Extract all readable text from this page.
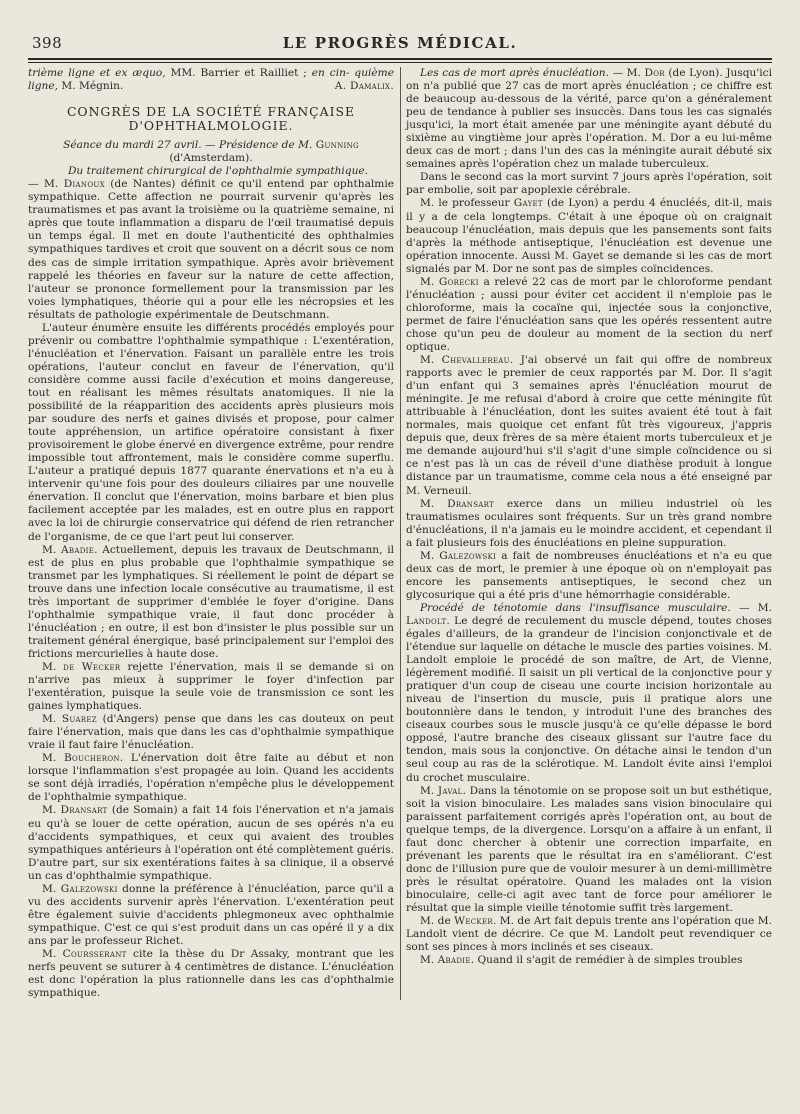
398	LE PROGRÈS MÉDICAL.

trième ligne et ex æquo, MM. Barrier et Railliet ; en cin- quième ligne, M. Mégnin.	A. Damalix.

CONGRÈS DE LA SOCIÉTÉ FRANÇAISE
D'OPHTHALMOLOGIE.

Séance du mardi 27 avril. — Présidence de M. Gunning (d'Amsterdam).

Du traitement chirurgical de l'ophthalmie sympathique.

— M. Dianoux (de Nantes) définit ce qu'il entend par ophthalmie sympathique. Cette affection ne pourrait survenir qu'après les traumatismes et pas avant la troisième ou la quatrième semaine, ni après que toute inflammation a disparu de l'œil traumatisé depuis un temps égal. Il met en doute l'authenticité des ophthalmies sympathiques tardives et croit que souvent on a décrit sous ce nom des cas de simple irritation sympathique. Après avoir brièvement rappelé les théories en faveur sur la nature de cette affection, l'auteur se prononce formellement pour la transmission par les voies lymphatiques, théorie qui a pour elle les nécropsies et les résultats de pathologie expérimentale de Deutschmann.

L'auteur énumère ensuite les différents procédés employés pour prévenir ou combattre l'ophthalmie sympathique : L'exentération, l'énucléation et l'énervation. Faisant un parallèle entre les trois opérations, l'auteur conclut en faveur de l'énervation, qu'il considère comme aussi facile d'exécution et moins dangereuse, tout en réalisant les mêmes résultats anatomiques. Il nie la possibilité de la réapparition des accidents après plusieurs mois par soudure des nerfs et gaines divisés et propose, pour calmer toute appréhension, un artifice opératoire consistant à fixer provisoirement le globe énervé en divergence extrême, pour rendre impossible tout affrontement, mais le considère comme superflu. L'auteur a pratiqué depuis 1877 quarante énervations et n'a eu à intervenir qu'une fois pour des douleurs ciliaires par une nouvelle énervation. Il conclut que l'énervation, moins barbare et bien plus facilement acceptée par les malades, est en outre plus en rapport avec la loi de chirurgie conservatrice qui défend de rien retrancher de l'organisme, de ce que l'art peut lui conserver.

M. Abadie. Actuellement, depuis les travaux de Deutschmann, il est de plus en plus probable que l'ophthalmie sympathique se transmet par les lymphatiques. Si réellement le point de départ se trouve dans une infection locale consécutive au traumatisme, il est très important de supprimer d'emblée le foyer d'origine. Dans l'ophthalmie sympathique vraie, il faut donc procéder à l'énucléation ; en outre, il est bon d'insister le plus possible sur un traitement général énergique, basé principalement sur l'emploi des frictions mercurielles à haute dose.

M. de Wecker rejette l'énervation, mais il se demande si on n'arrive pas mieux à supprimer le foyer d'infection par l'exentération, puisque la seule voie de transmission ce sont les gaines lymphatiques.

M. Suarez (d'Angers) pense que dans les cas douteux on peut faire l'énervation, mais que dans les cas d'ophthalmie sympathique vraie il faut faire l'énucléation.

M. Boucheron. L'énervation doit être faite au début et non lorsque l'inflammation s'est propagée au loin. Quand les accidents se sont déjà irradiés, l'opération n'empêche plus le développement de l'ophthalmie sympathique.

M. Dransart (de Somain) a fait 14 fois l'énervation et n'a jamais eu qu'à se louer de cette opération, aucun de ses opérés n'a eu d'accidents sympathiques, et ceux qui avaient des troubles sympathiques antérieurs à l'opération ont été complètement guéris. D'autre part, sur six exentérations faites à sa clinique, il a observé un cas d'ophthalmie sympathique.

M. Galezowski donne la préférence à l'énucléation, parce qu'il a vu des accidents survenir après l'énervation. L'exentération peut être également suivie d'accidents phlegmoneux avec ophthalmie sympathique. C'est ce qui s'est produit dans un cas opéré il y a dix ans par le professeur Richet.

M. Coursserant cite la thèse du Dr Assaky, montrant que les nerfs peuvent se suturer à 4 centimètres de distance. L'énucléation est donc l'opération la plus rationnelle dans les cas d'ophthalmie sympathique.

Les cas de mort après énucléation. — M. Dor (de Lyon). Jusqu'ici on n'a publié que 27 cas de mort après énucléation ; ce chiffre est de beaucoup au-dessous de la vérité, parce qu'on a généralement peu de tendance à publier ses insuccès. Dans tous les cas signalés jusqu'ici, la mort était amenée par une méningite ayant débuté du sixième au vingtième jour après l'opération. M. Dor a eu lui-même deux cas de mort ; dans l'un des cas la méningite aurait débuté six semaines après l'opération chez un malade tuberculeux.

Dans le second cas la mort survint 7 jours après l'opération, soit par embolie, soit par apoplexie cérébrale.

M. le professeur Gayet (de Lyon) a perdu 4 énucléés, dit-il, mais il y a de cela longtemps. C'était à une époque où on craignait beaucoup l'énucléation, mais depuis que les pansements sont faits d'après la méthode antiseptique, l'énucléation est devenue une opération innocente. Aussi M. Gayet se demande si les cas de mort signalés par M. Dor ne sont pas de simples coïncidences.

M. Gorecki a relevé 22 cas de mort par le chloroforme pendant l'énucléation ; aussi pour éviter cet accident il n'emploie pas le chloroforme, mais la cocaïne qui, injectée sous la conjonctive, permet de faire l'énucléation sans que les opérés ressentent autre chose qu'un peu de douleur au moment de la section du nerf optique.

M. Chevallereau. J'ai observé un fait qui offre de nombreux rapports avec le premier de ceux rapportés par M. Dor. Il s'agit d'un enfant qui 3 semaines après l'énucléation mourut de méningite. Je me refusai d'abord à croire que cette méningite fût attribuable à l'énucléation, dont les suites avaient été tout à fait normales, mais quoique cet enfant fût très vigoureux, j'appris depuis que, deux frères de sa mère étaient morts tuberculeux et je me demande aujourd'hui s'il s'agit d'une simple coïncidence ou si ce n'est pas là un cas de réveil d'une diathèse produit à longue distance par un traumatisme, comme cela nous a été enseigné par M. Verneuil.

M. Dransart exerce dans un milieu industriel où les traumatismes oculaires sont fréquents. Sur un très grand nombre d'énucléations, il n'a jamais eu le moindre accident, et cependant il a fait plusieurs fois des énucléations en pleine suppuration.

M. Galezowski a fait de nombreuses énucléations et n'a eu que deux cas de mort, le premier à une époque où on n'employait pas encore les pansements antiseptiques, le second chez un glycosurique qui a été pris d'une hémorrhagie considérable.

Procédé de ténotomie dans l'insuffisance musculaire. — M. Landolt. Le degré de reculement du muscle dépend, toutes choses égales d'ailleurs, de la grandeur de l'incision conjonctivale et de l'étendue sur laquelle on détache le muscle des parties voisines. M. Landolt emploie le procédé de son maître, de Art, de Vienne, légèrement modifié. Il saisit un pli vertical de la conjonctive pour y pratiquer d'un coup de ciseau une courte incision horizontale au niveau de l'insertion du muscle, puis il pratique alors une boutonnière dans le tendon, y introduit l'une des branches des ciseaux courbes sous le muscle jusqu'à ce qu'elle dépasse le bord opposé, l'autre branche des ciseaux glissant sur l'autre face du tendon, mais sous la conjonctive. On détache ainsi le tendon d'un seul coup au ras de la sclérotique. M. Landolt évite ainsi l'emploi du crochet musculaire.

M. Javal. Dans la ténotomie on se propose soit un but esthétique, soit la vision binoculaire. Les malades sans vision binoculaire qui paraissent parfaitement corrigés après l'opération ont, au bout de quelque temps, de la divergence. Lorsqu'on a affaire à un enfant, il faut donc chercher à obtenir une correction imparfaite, en prévenant les parents que le résultat ira en s'améliorant. C'est donc de l'illusion pure que de vouloir mesurer à un demi-millimètre près le résultat opératoire. Quand les malades ont la vision binoculaire, celle-ci agit avec tant de force pour améliorer le résultat que la simple vieille ténotomie suffit très largement.

M. de Wecker. M. de Art fait depuis trente ans l'opération que M. Landolt vient de décrire. Ce que M. Landolt peut revendiquer ce sont ses pinces à mors inclinés et ses ciseaux.

M. Abadie. Quand il s'agit de remédier à de simples troubles
